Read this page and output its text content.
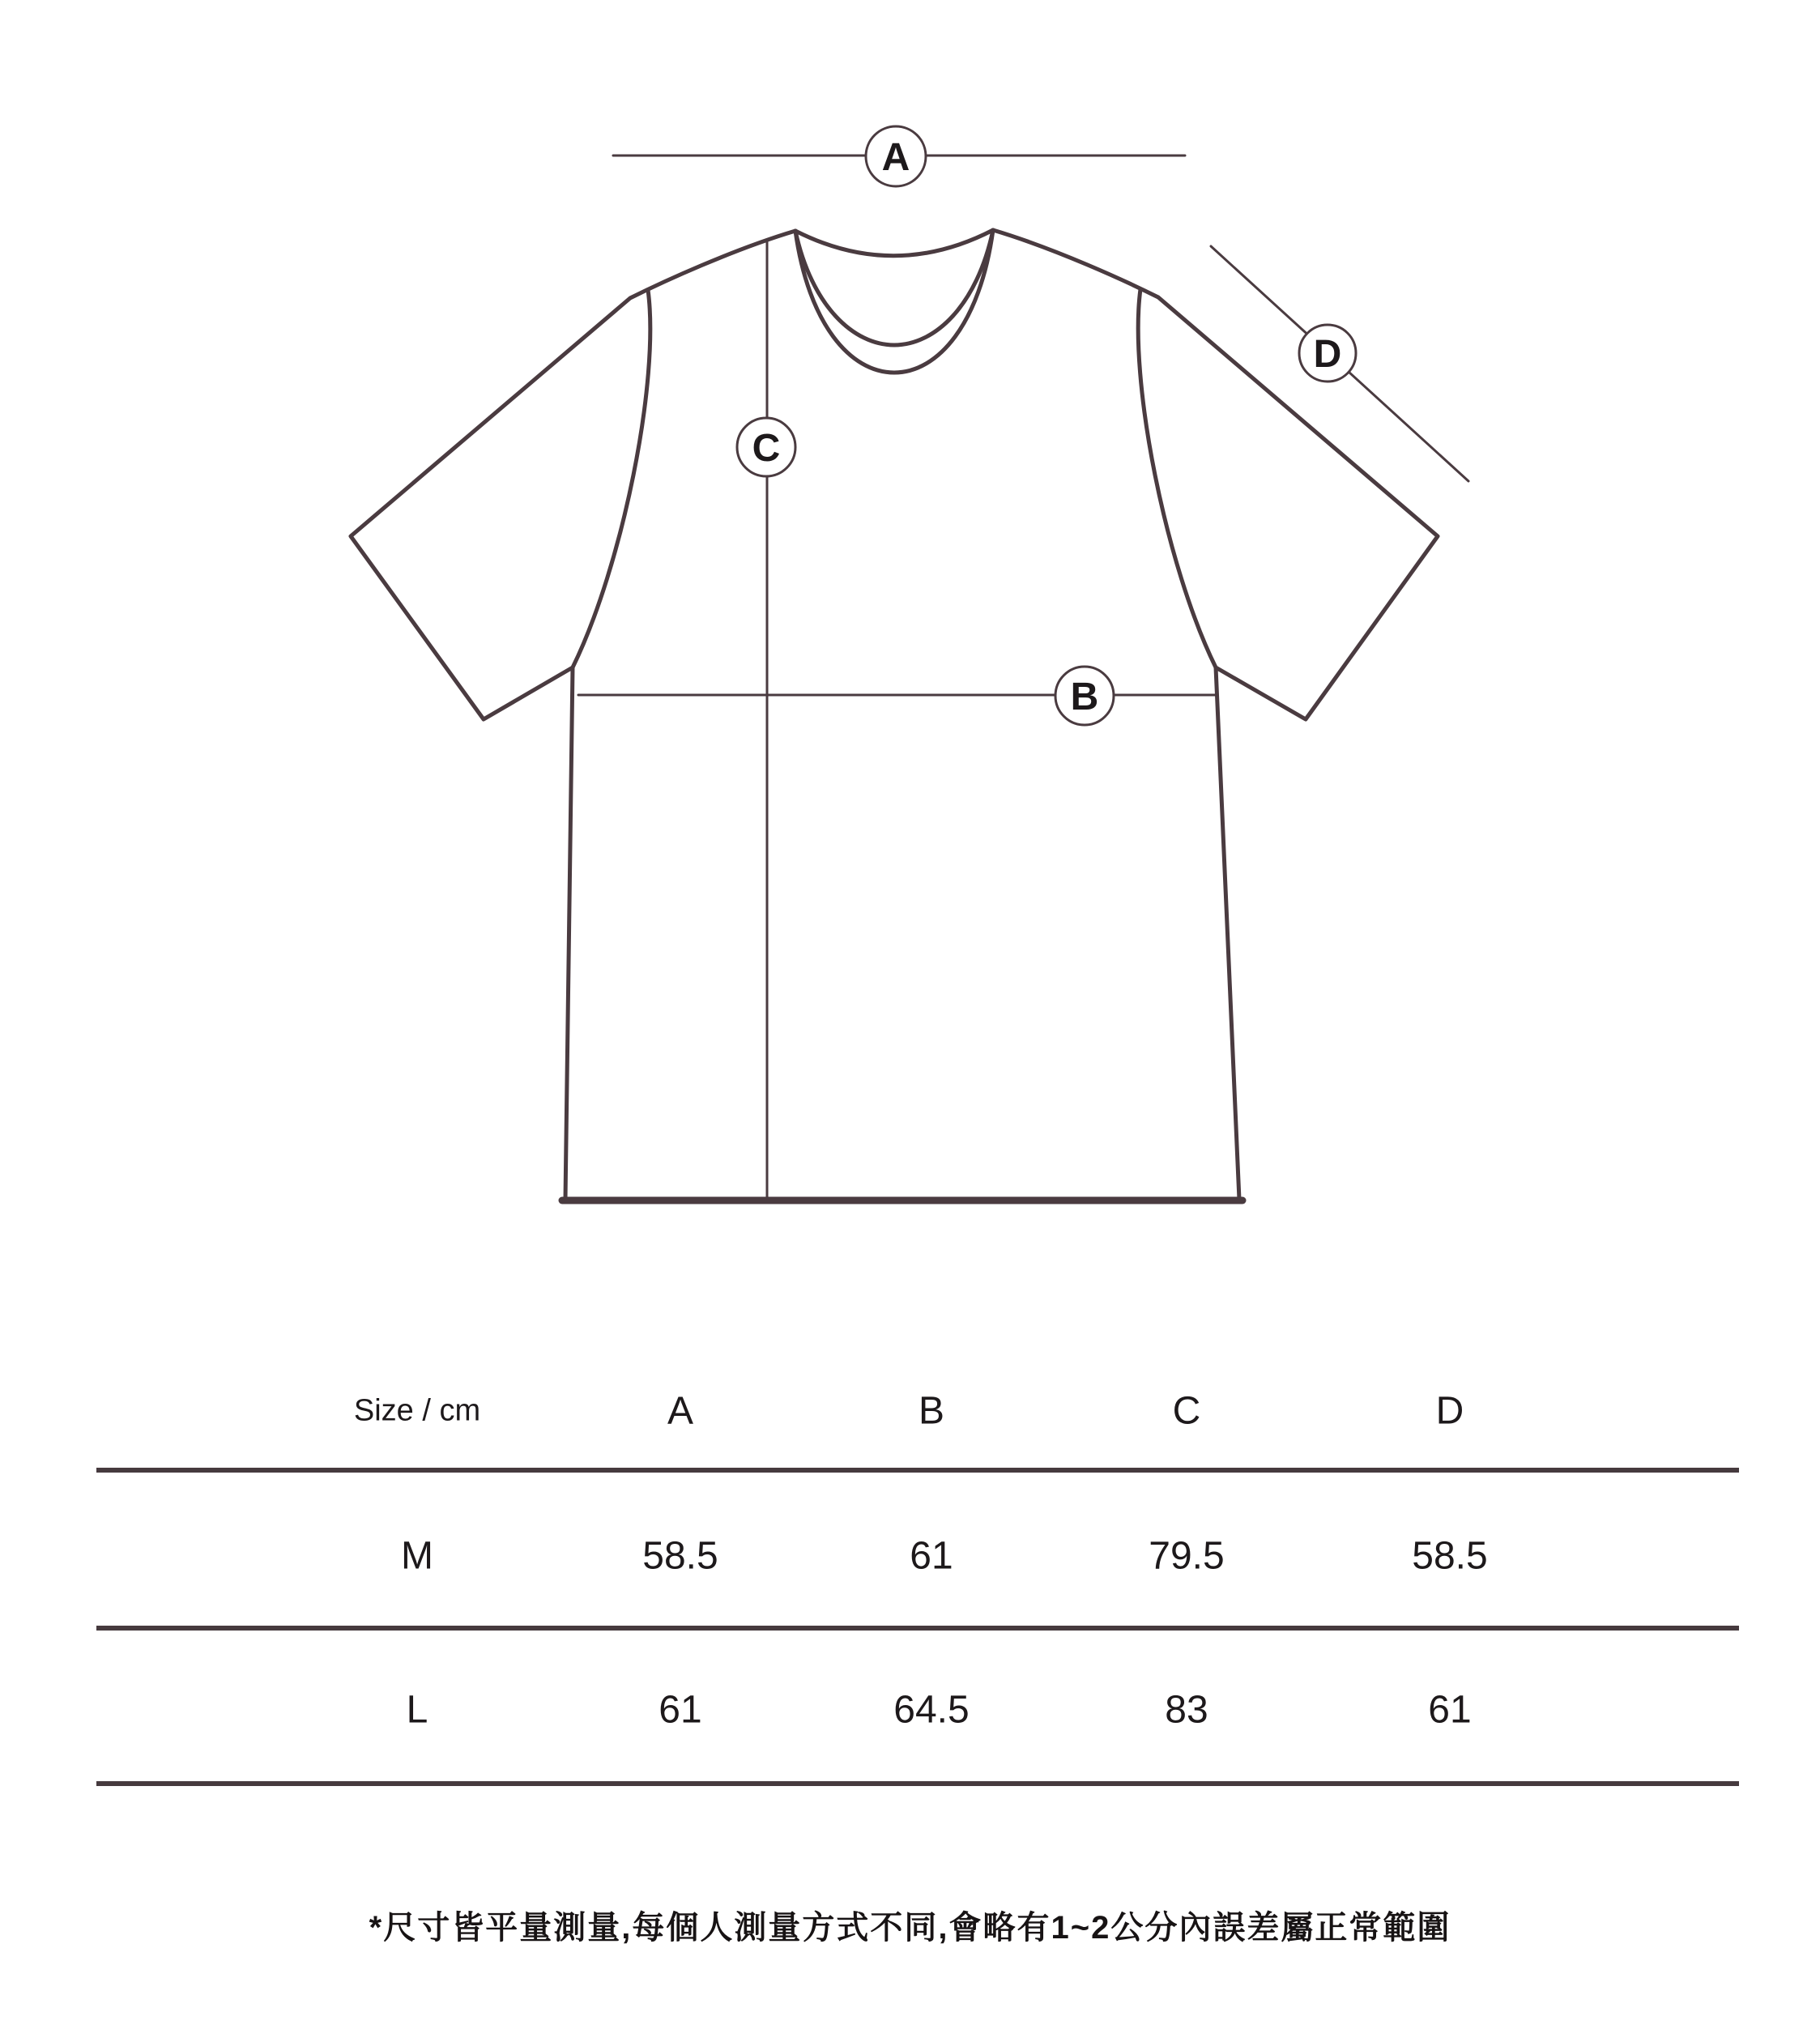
A
B
C
D
Size / cm	A	B	C	D
M	58.5	61	79.5	58.5
L	61	64.5	83	61
*尺寸皆平量測量,每個人測量方式不同,會略有1~2公分內誤差屬正常範圍
